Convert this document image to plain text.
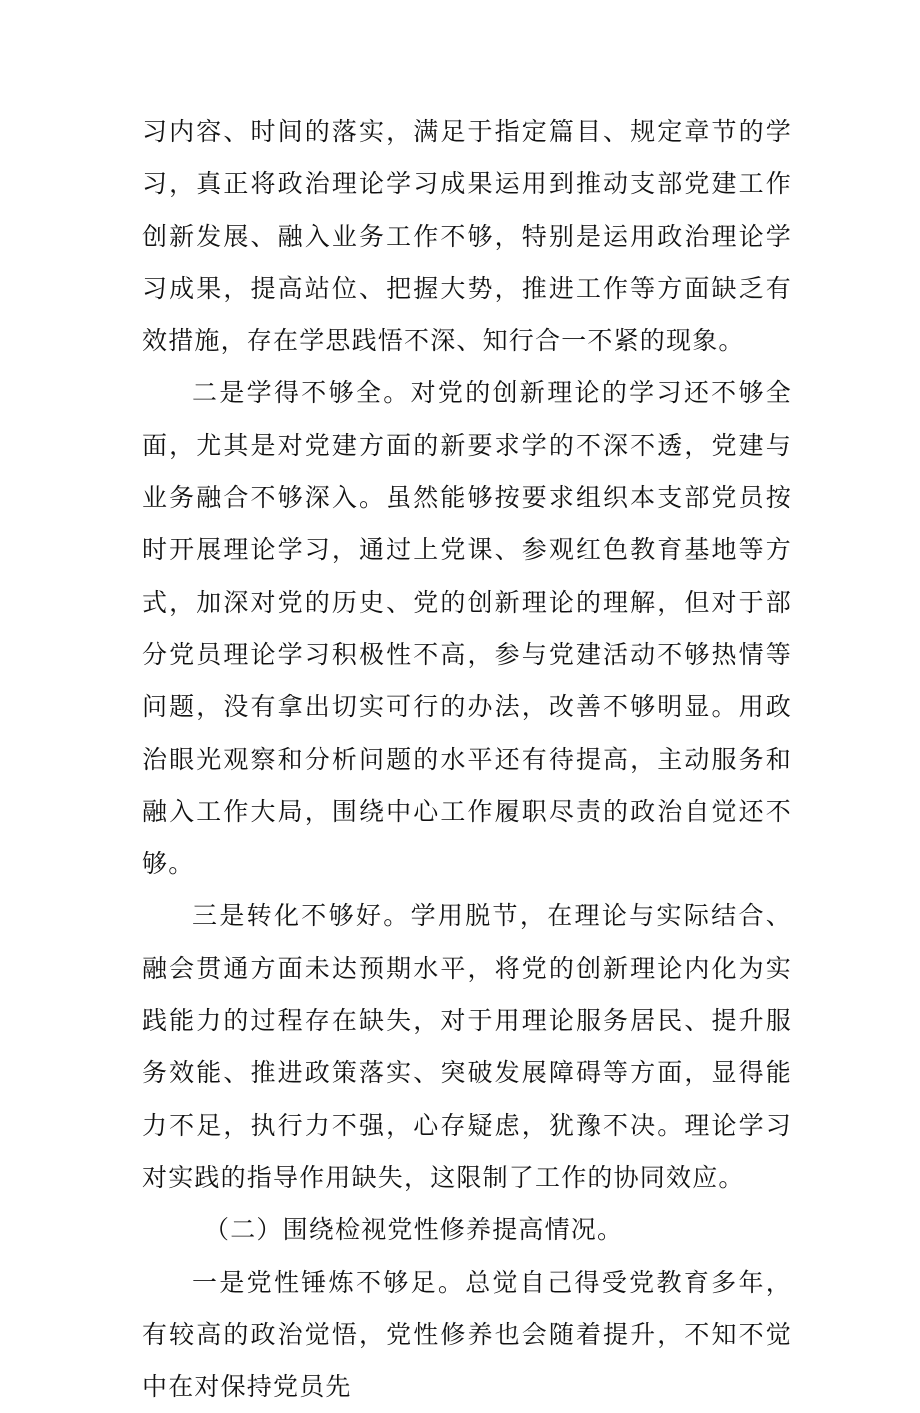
习内容、时间的落实，满足于指定篇目、规定章节的学习，真正将政治理论学习成果运用到推动支部党建工作创新发展、融入业务工作不够，特别是运用政治理论学习成果，提高站位、把握大势，推进工作等方面缺乏有效措施，存在学思践悟不深、知行合一不紧的现象。

二是学得不够全。对党的创新理论的学习还不够全面，尤其是对党建方面的新要求学的不深不透，党建与业务融合不够深入。虽然能够按要求组织本支部党员按时开展理论学习，通过上党课、参观红色教育基地等方式，加深对党的历史、党的创新理论的理解，但对于部分党员理论学习积极性不高，参与党建活动不够热情等问题，没有拿出切实可行的办法，改善不够明显。用政治眼光观察和分析问题的水平还有待提高，主动服务和融入工作大局，围绕中心工作履职尽责的政治自觉还不够。

三是转化不够好。学用脱节，在理论与实际结合、融会贯通方面未达预期水平，将党的创新理论内化为实践能力的过程存在缺失，对于用理论服务居民、提升服务效能、推进政策落实、突破发展障碍等方面，显得能力不足，执行力不强，心存疑虑，犹豫不决。理论学习对实践的指导作用缺失，这限制了工作的协同效应。

（二）围绕检视党性修养提高情况。

一是党性锤炼不够足。总觉自己得受党教育多年，有较高的政治觉悟，党性修养也会随着提升，不知不觉中在对保持党员先
